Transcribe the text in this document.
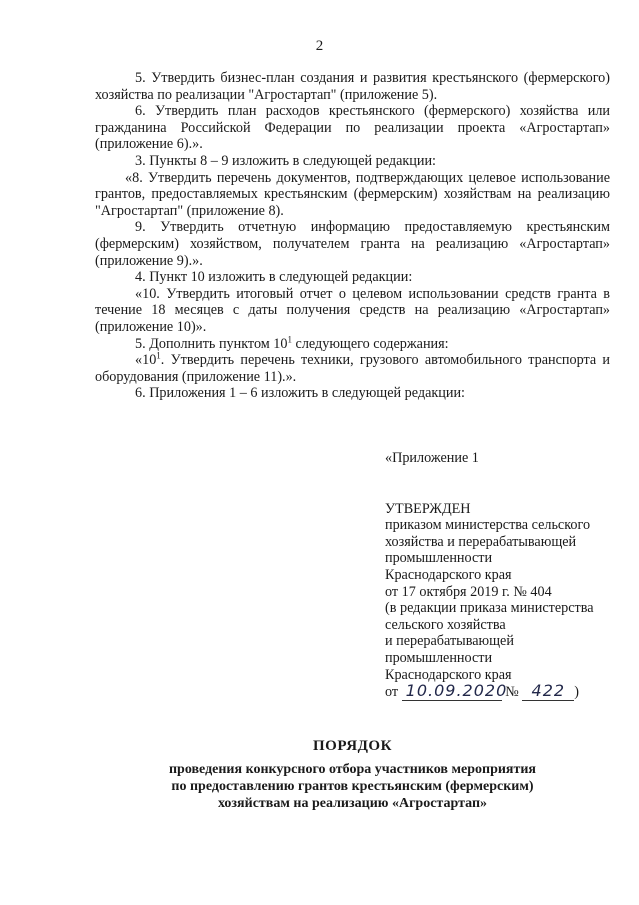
2

5. Утвердить бизнес-план создания и развития крестьянского (фермерского) хозяйства по реализации "Агростартап" (приложение 5).

6. Утвердить план расходов крестьянского (фермерского) хозяйства или гражданина Российской Федерации по реализации проекта «Агростартап» (приложение 6).».

3. Пункты 8 – 9 изложить в следующей редакции:

«8. Утвердить перечень документов, подтверждающих целевое использование грантов, предоставляемых крестьянским (фермерским) хозяйствам на реализацию "Агростартап" (приложение 8).

9. Утвердить отчетную информацию предоставляемую крестьянским (фермерским) хозяйством, получателем гранта на реализацию «Агростартап» (приложение 9).».

4. Пункт 10 изложить в следующей редакции:

«10. Утвердить итоговый отчет о целевом использовании средств гранта в течение 18 месяцев с даты получения средств на реализацию «Агростартап» (приложение 10)».

5. Дополнить пунктом $10^1$ следующего содержания:

«$10^1$. Утвердить перечень техники, грузового автомобильного транспорта и оборудования (приложение 11).».

6. Приложения 1 – 6 изложить в следующей редакции:

«Приложение 1
УТВЕРЖДЕН
приказом министерства сельского
хозяйства и перерабатывающей
промышленности
Краснодарского края
от 17 октября 2019 г. № 404
(в редакции приказа министерства
сельского хозяйства
и перерабатывающей
промышленности
Краснодарского края
от 10.09.2020 № 422 )
ПОРЯДОК
проведения конкурсного отбора участников мероприятия
по предоставлению грантов крестьянским (фермерским)
хозяйствам на реализацию «Агростартап»
